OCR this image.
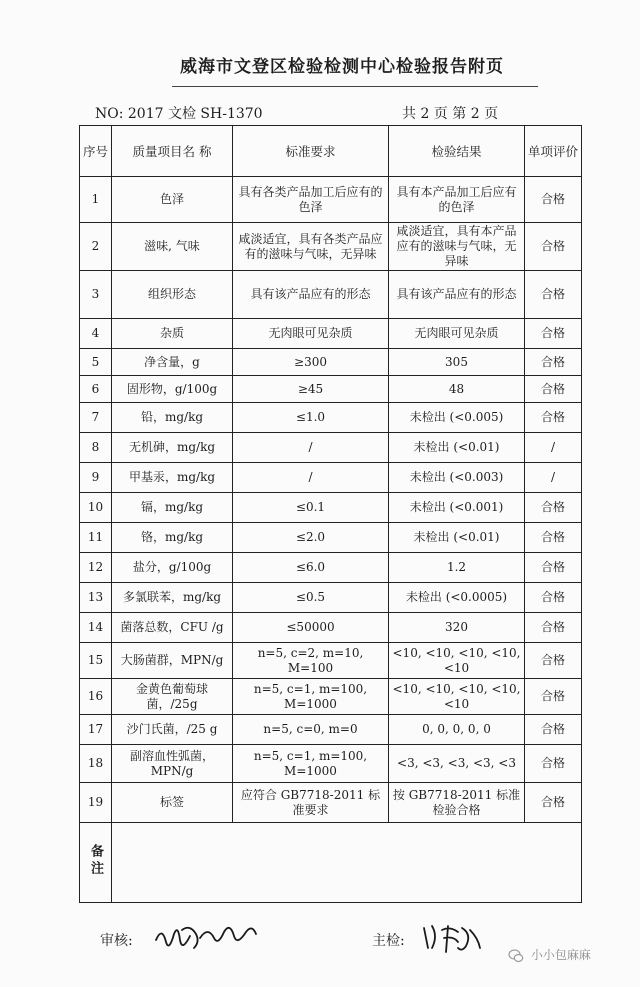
威海市文登区检验检测中心检验报告附页
NO: 2017 文检 SH-1370	共 2 页 第 2 页
序号	质量项目名 称	标准要求	检验结果	单项评价
1	色泽	具有各类产品加工后应有的色泽	具有本产品加工后应有的色泽	合格
2	滋味, 气味	咸淡适宜，具有各类产品应有的滋味与气味，无异味	咸淡适宜，具有本产品应有的滋味与气味，无异味	合格
3	组织形态	具有该产品应有的形态	具有该产品应有的形态	合格
4	杂质	无肉眼可见杂质	无肉眼可见杂质	合格
5	净含量，g	≥300	305	合格
6	固形物，g/100g	≥45	48	合格
7	铅，mg/kg	≤1.0	未检出 (<0.005)	合格
8	无机砷，mg/kg	/	未检出 (<0.01)	/
9	甲基汞，mg/kg	/	未检出 (<0.003)	/
10	镉，mg/kg	≤0.1	未检出 (<0.001)	合格
11	铬，mg/kg	≤2.0	未检出 (<0.01)	合格
12	盐分，g/100g	≤6.0	1.2	合格
13	多氯联苯，mg/kg	≤0.5	未检出 (<0.0005)	合格
14	菌落总数，CFU /g	≤50000	320	合格
15	大肠菌群，MPN/g	n=5, c=2, m=10, M=100	<10, <10, <10, <10, <10	合格
16	金黄色葡萄球菌，/25g	n=5, c=1, m=100, M=1000	<10, <10, <10, <10, <10	合格
17	沙门氏菌，/25 g	n=5, c=0, m=0	0, 0, 0, 0, 0	合格
18	副溶血性弧菌，MPN/g	n=5, c=1, m=100, M=1000	<3, <3, <3, <3, <3	合格
19	标签	应符合 GB7718-2011 标准要求	按 GB7718-2011 标准检验合格	合格
备注				
审核:	主检:
小小包麻麻
